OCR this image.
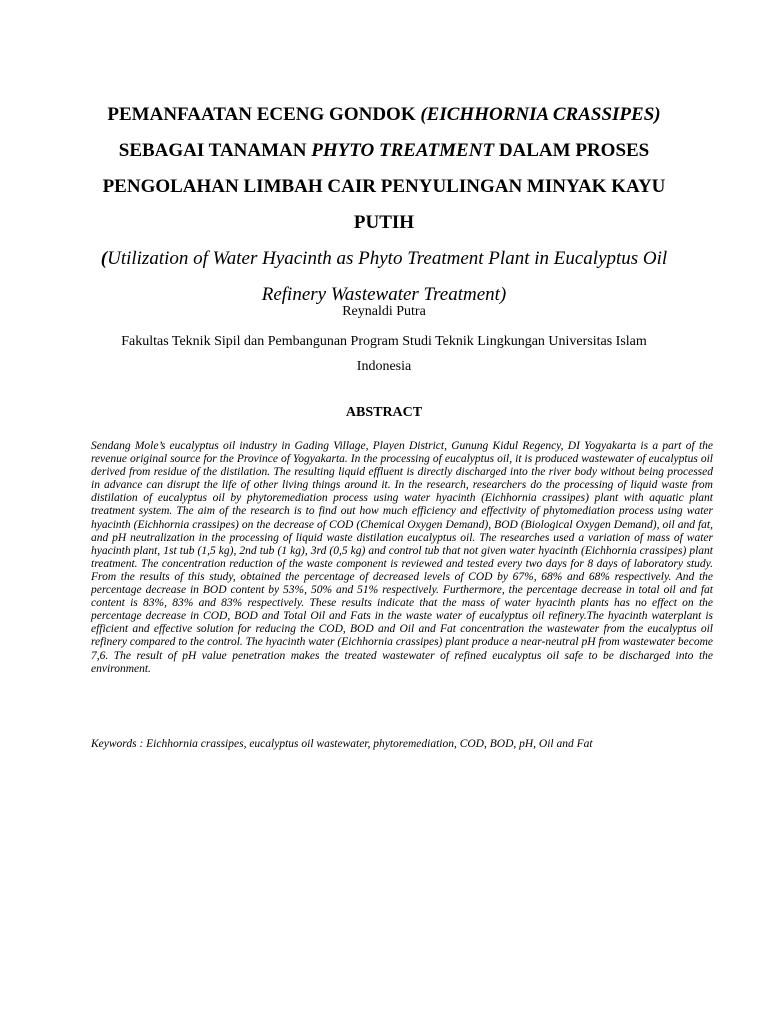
PEMANFAATAN ECENG GONDOK (EICHHORNIA CRASSIPES)
SEBAGAI TANAMAN PHYTO TREATMENT DALAM PROSES
PENGOLAHAN LIMBAH CAIR PENYULINGAN MINYAK KAYU
PUTIH
(Utilization of Water Hyacinth as Phyto Treatment Plant in Eucalyptus Oil
Refinery Wastewater Treatment)
Reynaldi Putra
Fakultas Teknik Sipil dan Pembangunan Program Studi Teknik Lingkungan Universitas Islam
Indonesia
ABSTRACT
Sendang Mole’s eucalyptus oil industry in Gading Village, Playen District, Gunung Kidul Regency, DI Yogyakarta is a part of the revenue original source for the Province of Yogyakarta. In the processing of eucalyptus oil, it is produced wastewater of eucalyptus oil derived from residue of the distilation. The resulting liquid effluent is directly discharged into the river body without being processed in advance can disrupt the life of other living things around it. In the research, researchers do the processing of liquid waste from distilation of eucalyptus oil by phytoremediation process using water hyacinth (Eichhornia crassipes) plant with aquatic plant treatment system. The aim of the research is to find out how much efficiency and effectivity of phytomediation process using water hyacinth (Eichhornia crassipes) on the decrease of COD (Chemical Oxygen Demand), BOD (Biological Oxygen Demand), oil and fat, and pH neutralization in the processing of liquid waste distilation eucalyptus oil. The researches used a variation of mass of water hyacinth plant, 1st tub (1,5 kg), 2nd tub (1 kg), 3rd (0,5 kg) and control tub that not given water hyacinth (Eichhornia crassipes) plant treatment. The concentration reduction of the waste component is reviewed and tested every two days for 8 days of laboratory study. From the results of this study, obtained the percentage of decreased levels of COD by 67%, 68% and 68% respectively. And the percentage decrease in BOD content by 53%, 50% and 51% respectively. Furthermore, the percentage decrease in total oil and fat content is 83%, 83% and 83% respectively. These results indicate that the mass of water hyacinth plants has no effect on the percentage decrease in COD, BOD and Total Oil and Fats in the waste water of eucalyptus oil refinery.The hyacinth waterplant is efficient and effective solution for reducing the COD, BOD and Oil and Fat concentration the wastewater from the eucalyptus oil refinery compared to the control. The hyacinth water (Eichhornia crassipes) plant produce a near-neutral pH from wastewater become 7,6. The result of pH value penetration makes the treated wastewater of refined eucalyptus oil safe to be discharged into the environment.
Keywords : Eichhornia crassipes, eucalyptus oil wastewater, phytoremediation, COD, BOD, pH, Oil and Fat
